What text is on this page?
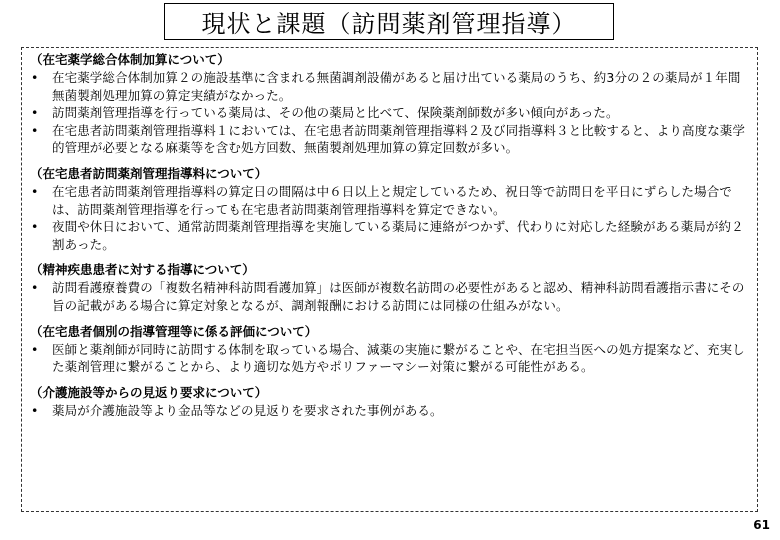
現状と課題（訪問薬剤管理指導）
（在宅薬学総合体制加算について）
•	在宅薬学総合体制加算２の施設基準に含まれる無菌調剤設備があると届け出ている薬局のうち、約3分の２の薬局が１年間無菌製剤処理加算の算定実績がなかった。
•	訪問薬剤管理指導を行っている薬局は、その他の薬局と比べて、保険薬剤師数が多い傾向があった。
•	在宅患者訪問薬剤管理指導料１においては、在宅患者訪問薬剤管理指導料２及び同指導料３と比較すると、より高度な薬学的管理が必要となる麻薬等を含む処方回数、無菌製剤処理加算の算定回数が多い。
（在宅患者訪問薬剤管理指導料について）
•	在宅患者訪問薬剤管理指導料の算定日の間隔は中６日以上と規定しているため、祝日等で訪問日を平日にずらした場合では、訪問薬剤管理指導を行っても在宅患者訪問薬剤管理指導料を算定できない。
•	夜間や休日において、通常訪問薬剤管理指導を実施している薬局に連絡がつかず、代わりに対応した経験がある薬局が約２割あった。
（精神疾患患者に対する指導について）
•	訪問看護療養費の「複数名精神科訪問看護加算」は医師が複数名訪問の必要性があると認め、精神科訪問看護指示書にその旨の記載がある場合に算定対象となるが、調剤報酬における訪問には同様の仕組みがない。
（在宅患者個別の指導管理等に係る評価について）
•	医師と薬剤師が同時に訪問する体制を取っている場合、減薬の実施に繋がることや、在宅担当医への処方提案など、充実した薬剤管理に繋がることから、より適切な処方やポリファーマシー対策に繋がる可能性がある。
（介護施設等からの見返り要求について）
•	薬局が介護施設等より金品等などの見返りを要求された事例がある。
61
